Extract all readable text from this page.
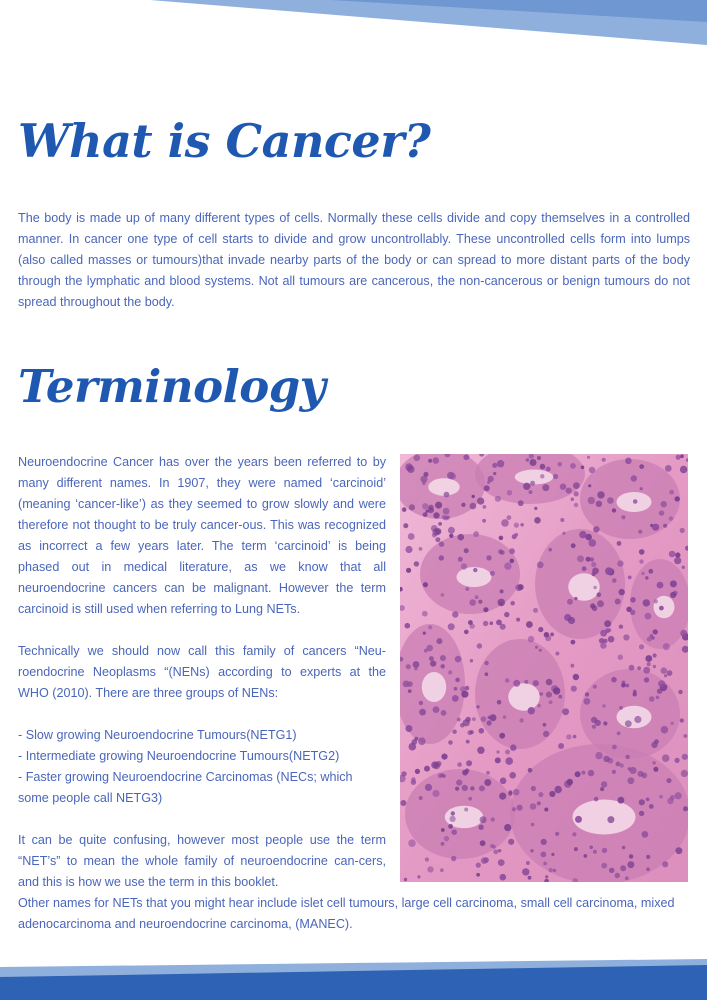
What is Cancer?

The body is made up of many different types of cells. Normally these cells divide and copy themselves in a controlled manner. In cancer one type of cell starts to divide and grow uncontrollably. These uncontrolled cells form into lumps (also called masses or tumours)that invade nearby parts of the body or can spread to more distant parts of the body through the lymphatic and blood systems. Not all tumours are cancerous, the non-cancerous or benign tumours do not spread throughout the body.

Terminology

Neuroendocrine Cancer has over the years been referred to by many different names. In 1907, they were named ‘carcinoid’ (meaning ‘cancer-like’) as they seemed to grow slowly and were therefore not thought to be truly cancer-ous. This was recognized as incorrect a few years later. The term ‘carcinoid’ is being phased out in medical literature, as we know that all neuroendocrine cancers can be malignant. However the term carcinoid is still used when referring to Lung NETs.

Technically we should now call this family of cancers “Neu-roendocrine Neoplasms “(NENs) according to experts at the WHO (2010). There are three groups of NENs:

- Slow growing Neuroendocrine Tumours(NETG1)
- Intermediate growing Neuroendocrine Tumours(NETG2)
- Faster growing Neuroendocrine Carcinomas (NECs; which some people call NETG3)

It can be quite confusing, however most people use the term “NET’s” to mean the whole family of neuroendocrine can-cers, and this is how we use the term in this booklet.

Other names for NETs that you might hear include islet cell tumours, large cell carcinoma, small cell carcinoma, mixed adenocarcinoma and neuroendocrine carcinoma, (MANEC).
